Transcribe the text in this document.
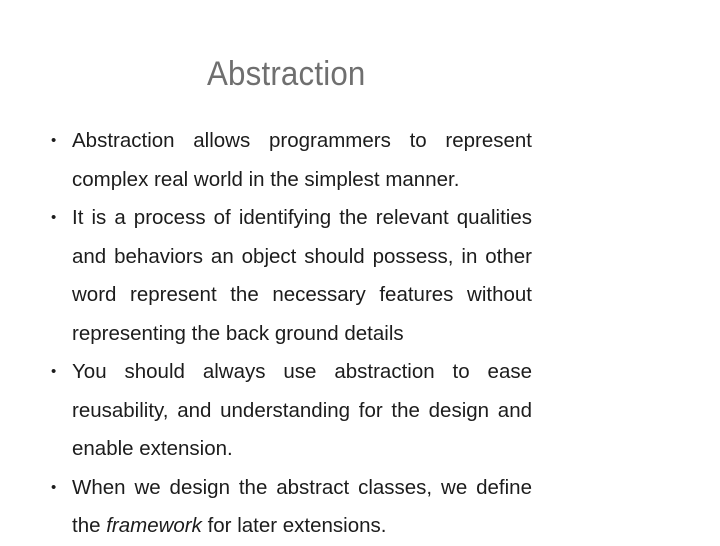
Abstraction
• Abstraction allows programmers to represent complex real world in the simplest manner.
• It is a process of identifying the relevant qualities and behaviors an object should possess, in other word represent the necessary features without representing the back ground details
• You should always use abstraction to ease reusability, and understanding for the design and enable extension.
• When we design the abstract classes, we define the framework for later extensions.
